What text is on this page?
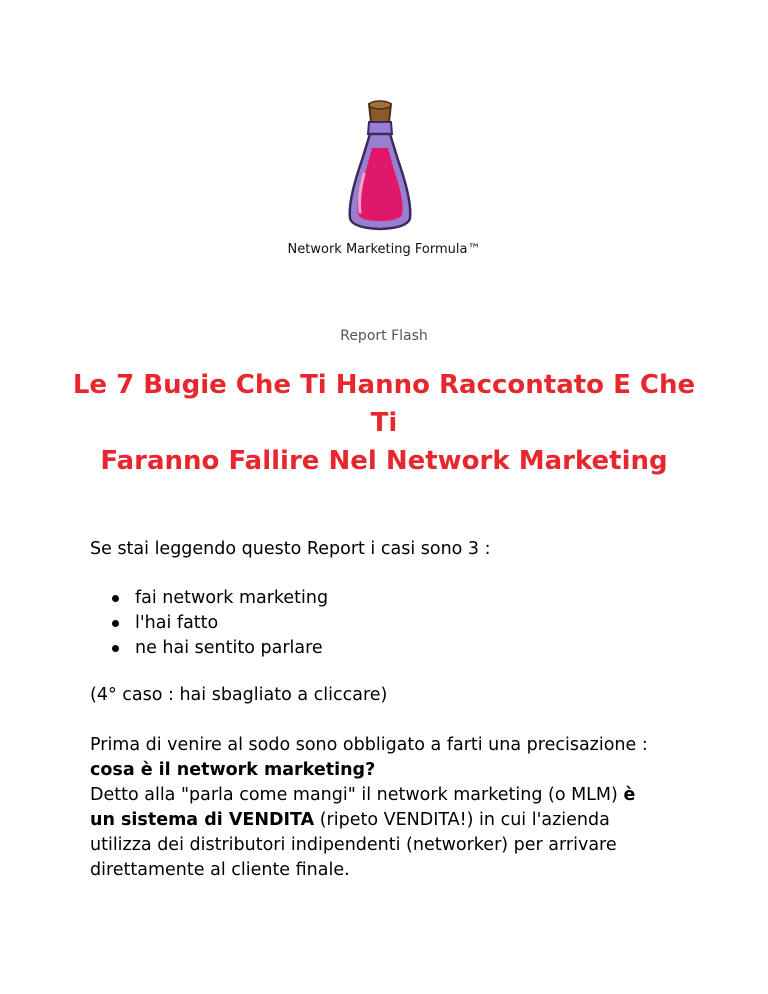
Network Marketing Formula™
Report Flash
Le 7 Bugie Che Ti Hanno Raccontato E Che Ti
Faranno Fallire Nel Network Marketing
Se stai leggendo questo Report i casi sono 3 :
fai network marketing
l'hai fatto
ne hai sentito parlare
(4° caso : hai sbagliato a cliccare)
Prima di venire al sodo sono obbligato a farti una precisazione :
cosa è il network marketing?
Detto alla "parla come mangi" il network marketing (o MLM) è
un sistema di VENDITA (ripeto VENDITA!) in cui l'azienda
utilizza dei distributori indipendenti (networker) per arrivare
direttamente al cliente finale.
